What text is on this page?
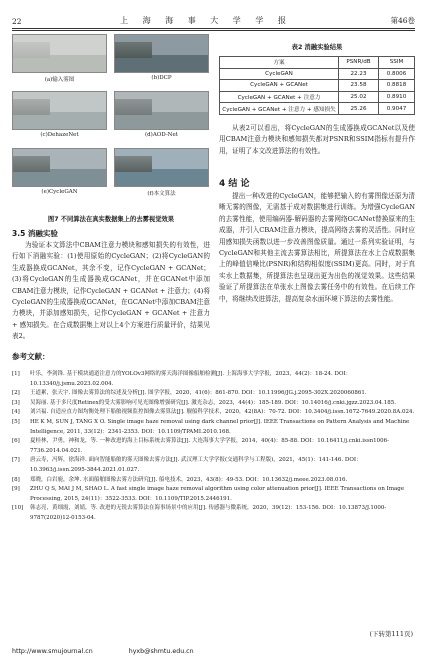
22	上 海 海 事 大 学 学 报	第46卷
(a)输入雾图	(b)DCP
(c)DehazeNet	(d)AOD-Net
(e)CycleGAN	(f)本文算法
图7 不同算法在真实数据集上的去雾视觉效果
3.5 消融实验
为验证本文算法中CBAM注意力模块和感知损失的有效性，进行如下消融实验：(1)使用原始的CycleGAN；(2)将CycleGAN的生成器换成GCANet，其余不变，记作CycleGAN + GCANet；(3)将CycleGAN的生成器换成GCANet，并在GCANet中添加CBAM注意力模块，记作CycleGAN + GCANet + 注意力；(4)将CycleGAN的生成器换成GCANet，在GCANet中添加CBAM注意力模块，并添加感知损失，记作CycleGAN + GCANet + 注意力 + 感知损失。在合成数据集上对以上4个方案进行质量评价，结果见表2。
表2 消融实验结果
方案	PSNR/dB	SSIM
CycleGAN	22.23	0.8006
CycleGAN + GCANet	23.58	0.8818
CycleGAN + GCANet + 注意力	25.02	0.8910
CycleGAN + GCANet + 注意力 + 感知损失	25.26	0.9047
从表2可以看出，将CycleGAN的生成器换成GCANet以及使用CBAM注意力模块和感知损失都对PSNR和SSIM指标有提升作用，证明了本文改进算法的有效性。
4 结 论
提出一种改进的CycleGAN，能够把输入的有雾图像还原为清晰无雾的图像，无需基于成对数据集进行训练。为增强CycleGAN的去雾性能，使用编码器-解码器的去雾网络GCANet替换原来的生成器，并引入CBAM注意力模块，提高网络去雾的灵活性。同时应用感知损失函数以进一步改善图像质量。通过一系列实验证明，与CycleGAN和其他主流去雾算法相比，所提算法在水上合成数据集上的峰值信噪比(PSNR)和结构相似度(SSIM)更高。同时，对于真实水上数据集，所提算法也呈现出更为出色的视觉效果。这些结果验证了所提算法在单张水上图像去雾任务中的有效性。在后续工作中，将继续改进算法，提高复杂水面环境下算法的去雾性能。
参考文献：
[1]	叶乐，李剑锋. 基于模块通道注意力的YOLOv3网络的雾天海洋图像船舶检测[J]. 上海海事大学学报，2023，44(2)：18-24. DOI：10.13340/j.jsmu.2023.02.004.
[2]	王道累，张天宇. 图像去雾算法的综述及分析[J]. 图学学报，2020，41(6)：861-870. DOI：10.11996/JG.j.2095-302X.2020060861.
[3]	吴海丽. 基于多尺度Retinex的受大雾影响可见光图像增强研究[J]. 激光杂志，2023，44(4)：185-189. DOI：10.14016/j.cnki.jgzz.2023.04.185.
[4]	刘兴福. 自适应直方图均衡处理下船舶视频监控图像去雾算法[J]. 舰船科学技术，2020，42(8A)：70-72. DOI：10.3404/j.issn.1672-7649.2020.8A.024.
[5]	HE K M, SUN J, TANG X O. Single image haze removal using dark channel prior[J]. IEEE Transactions on Pattern Analysis and Machine Intelligence, 2011, 33(12)：2341-2353. DOI：10.1109/TPAMI.2010.168.
[6]	夏桂林，尹勇，神和龙，等. 一种改进的海上目标系统去雾算法[J]. 大连海事大学学报，2014，40(4)：85-88. DOI：10.16411/j.cnki.issn1006-7736.2014.04.021.
[7]	唐云寿，冯辉，徐海祥. 面向智能船舶的雾天图像去雾方法[J]. 武汉理工大学学报(交通科学与工程版)，2021，45(1)：141-146. DOI：10.3963/j.issn.2095-3844.2021.01.027.
[8]	郑晓，白岩鹿，余坤. 水面船舶图像去雾方法研究[J]. 船电技术，2023，43(8)：49-53. DOI：10.13632/j.meee.2023.08.016.
[9]	ZHU Q S, MAI J M, SHAO L. A fast single image haze removal algorithm using color attenuation prior[J]. IEEE Transactions on Image Processing, 2015, 24(11)：3522-3533. DOI：10.1109/TIP.2015.2446191.
[10]	韩志亮，黄细霞，刘婧，等. 改进的无锐去雾算法在海事场景中的应用[J]. 传感器与微系统，2020，39(12)：153-156. DOI：10.13873/J.1000-9787(2020)12-0153-04.
(下转第111页)
http://www.smujournal.cn	hyxb@shmtu.edu.cn
